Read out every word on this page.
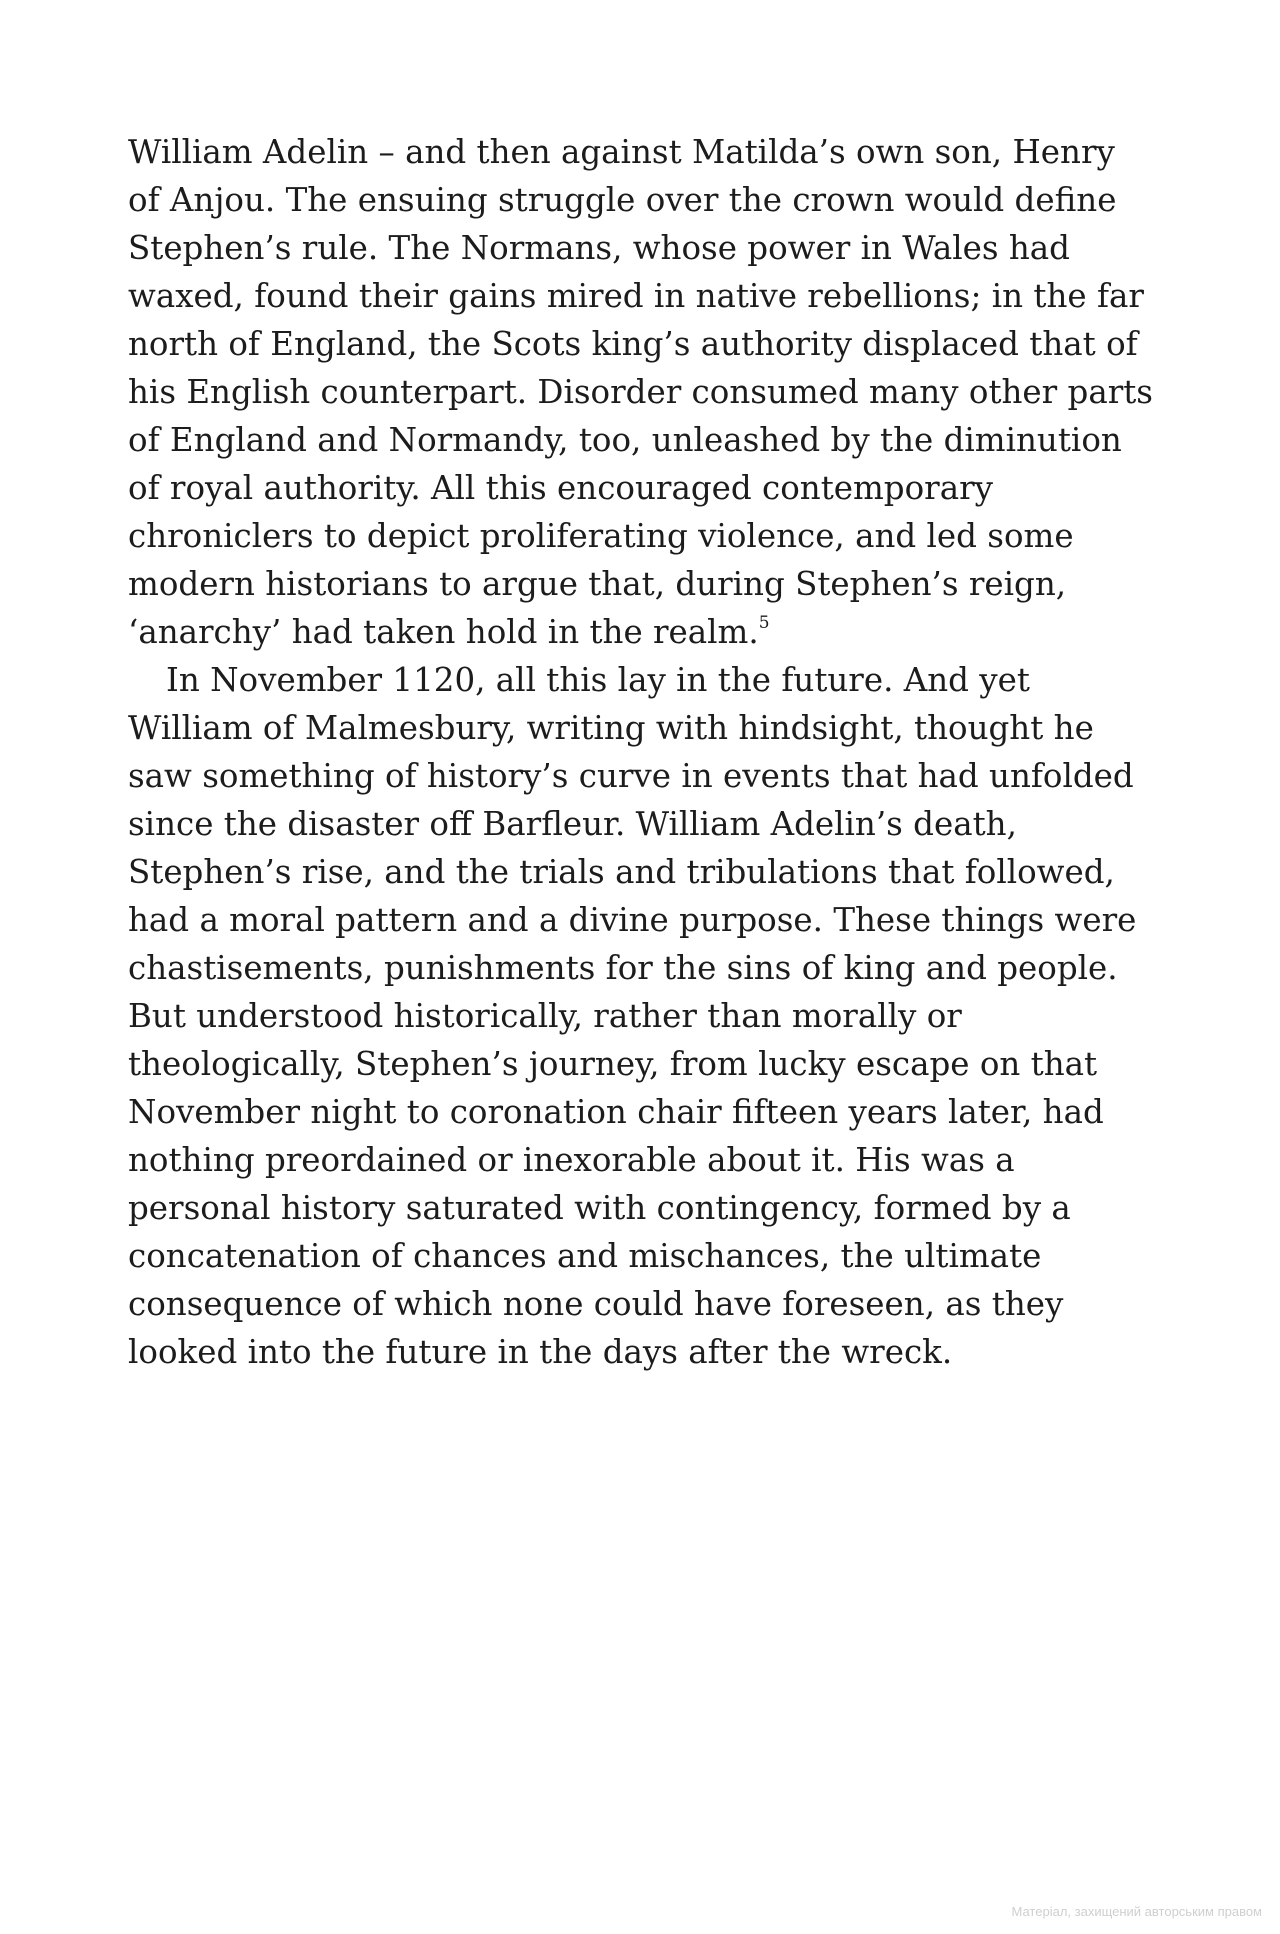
William Adelin – and then against Matilda’s own son, Henry
of Anjou. The ensuing struggle over the crown would define
Stephen’s rule. The Normans, whose power in Wales had
waxed, found their gains mired in native rebellions; in the far
north of England, the Scots king’s authority displaced that of
his English counterpart. Disorder consumed many other parts
of England and Normandy, too, unleashed by the diminution
of royal authority. All this encouraged contemporary
chroniclers to depict proliferating violence, and led some
modern historians to argue that, during Stephen’s reign,
‘anarchy’ had taken hold in the realm.$^5$
In November 1120, all this lay in the future. And yet
William of Malmesbury, writing with hindsight, thought he
saw something of history’s curve in events that had unfolded
since the disaster off Barfleur. William Adelin’s death,
Stephen’s rise, and the trials and tribulations that followed,
had a moral pattern and a divine purpose. These things were
chastisements, punishments for the sins of king and people.
But understood historically, rather than morally or
theologically, Stephen’s journey, from lucky escape on that
November night to coronation chair fifteen years later, had
nothing preordained or inexorable about it. His was a
personal history saturated with contingency, formed by a
concatenation of chances and mischances, the ultimate
consequence of which none could have foreseen, as they
looked into the future in the days after the wreck.
Матеріал, захищений авторським правом
